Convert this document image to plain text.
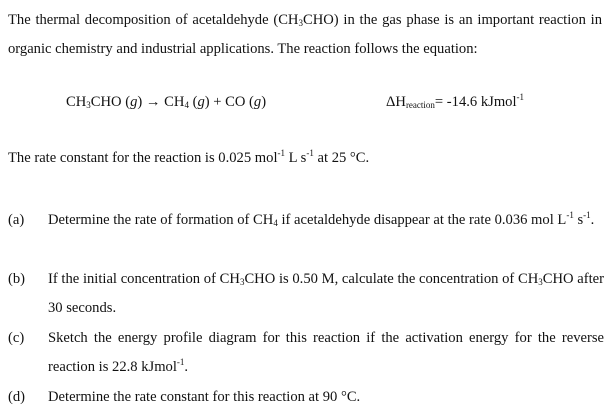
The thermal decomposition of acetaldehyde $(CH_3CHO)$ in the gas phase is an important reaction in organic chemistry and industrial applications. The reaction follows the equation:
$CH_3CHO$ $(g) \to CH_4$ (g) + CO (g)	$\Delta H_{reaction}= -14.6$ kJmol$^{-1}$
The rate constant for the reaction is 0.025 mol$^{-1}$ L $s^{-1}$ at 25 °C.
(a) Determine the rate of formation of $CH_4$ if acetaldehyde disappear at the rate 0.036 mol $L^{-1}$ $s^{-1}$.
(b) If the initial concentration of $CH_3CHO$ is 0.50 M, calculate the concentration of $CH_3CHO$ after 30 seconds.
(c) Sketch the energy profile diagram for this reaction if the activation energy for the reverse reaction is 22.8 kJmol$^{-1}$.
(d) Determine the rate constant for this reaction at 90 °C.
